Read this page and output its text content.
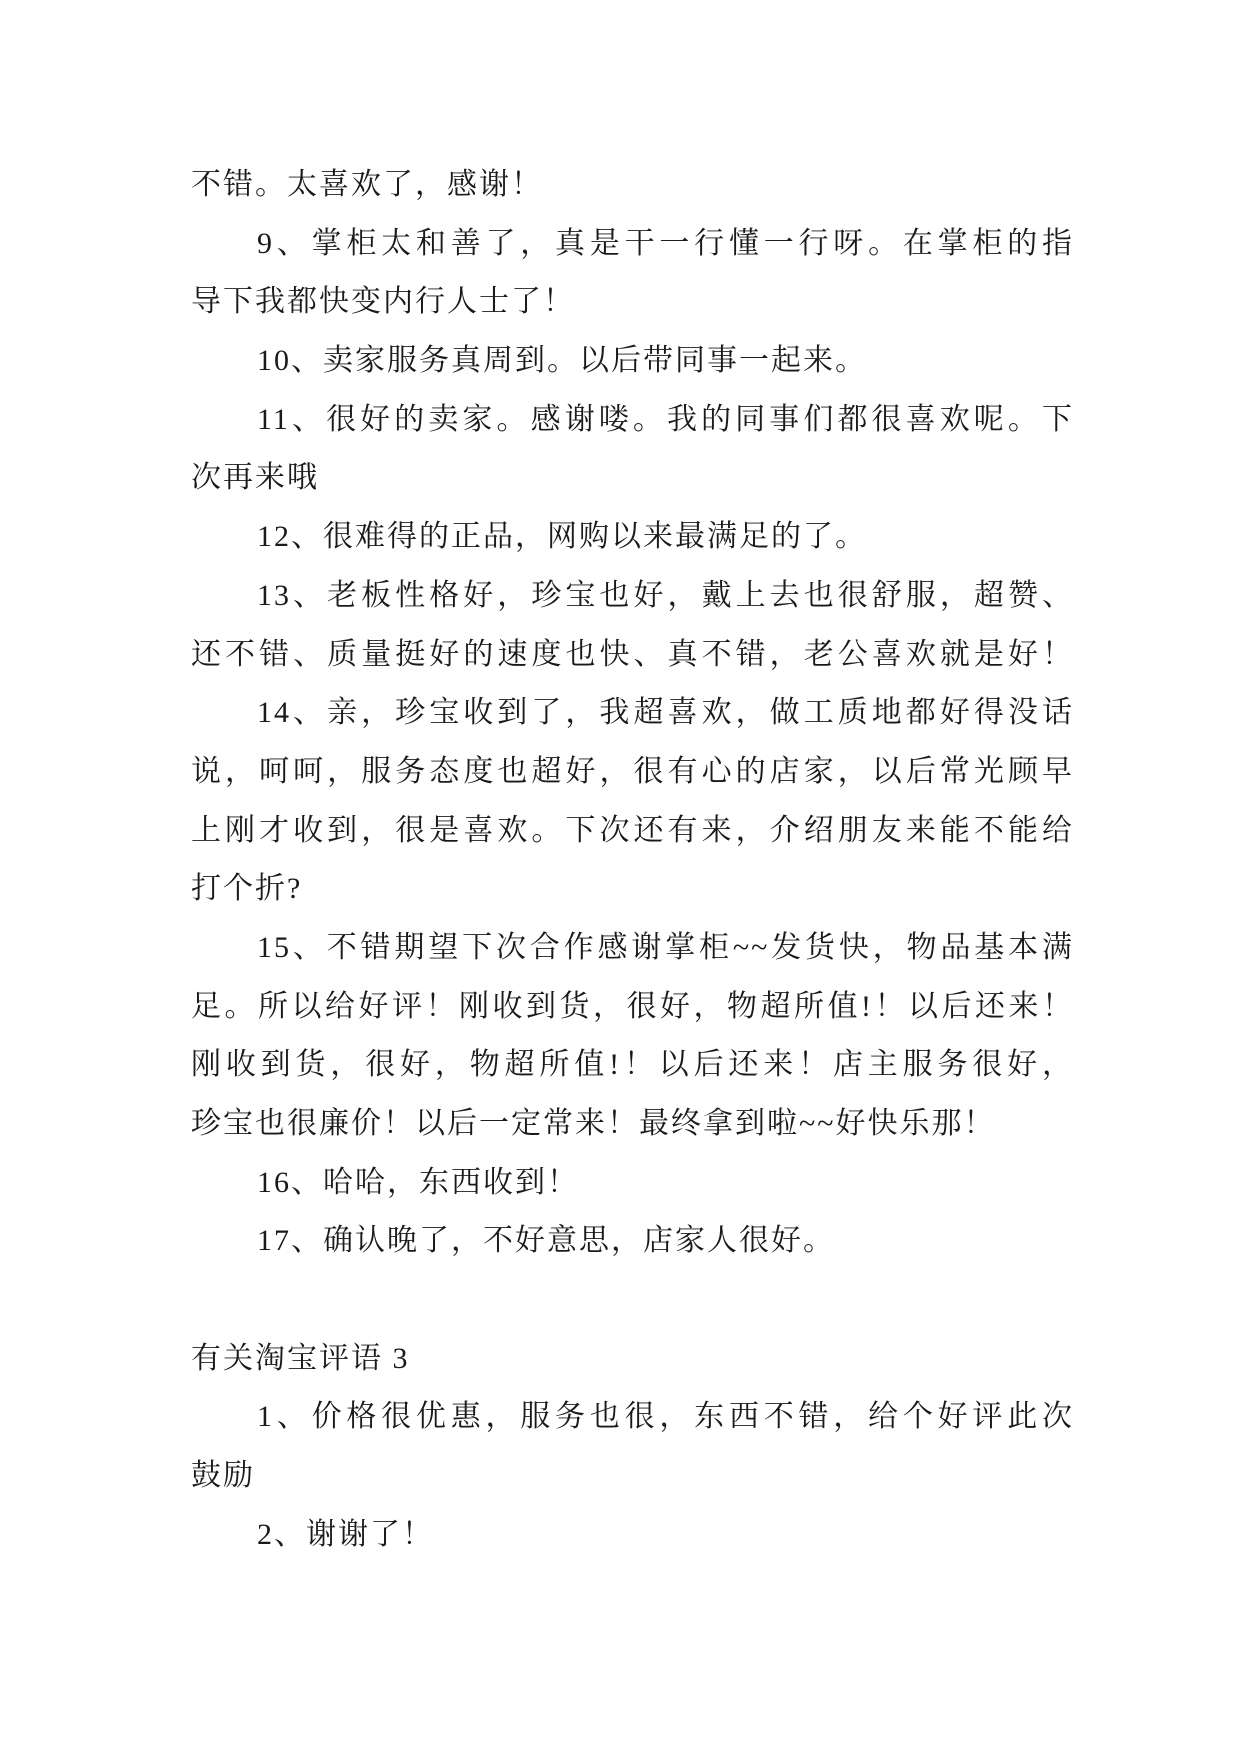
不错。太喜欢了，感谢！
9、掌柜太和善了，真是干一行懂一行呀。在掌柜的指
导下我都快变内行人士了！
10、卖家服务真周到。以后带同事一起来。
11、很好的卖家。感谢喽。我的同事们都很喜欢呢。下
次再来哦
12、很难得的正品，网购以来最满足的了。
13、老板性格好，珍宝也好，戴上去也很舒服，超赞、
还不错、质量挺好的速度也快、真不错，老公喜欢就是好！
14、亲，珍宝收到了，我超喜欢，做工质地都好得没话
说，呵呵，服务态度也超好，很有心的店家，以后常光顾早
上刚才收到，很是喜欢。下次还有来，介绍朋友来能不能给
打个折?
15、不错期望下次合作感谢掌柜~~发货快，物品基本满
足。所以给好评！刚收到货，很好，物超所值!！以后还来！
刚收到货，很好，物超所值!！以后还来！店主服务很好，
珍宝也很廉价！以后一定常来！最终拿到啦~~好快乐那！
16、哈哈，东西收到！
17、确认晚了，不好意思，店家人很好。
有关淘宝评语 3
1、价格很优惠，服务也很，东西不错，给个好评此次
鼓励
2、谢谢了！
